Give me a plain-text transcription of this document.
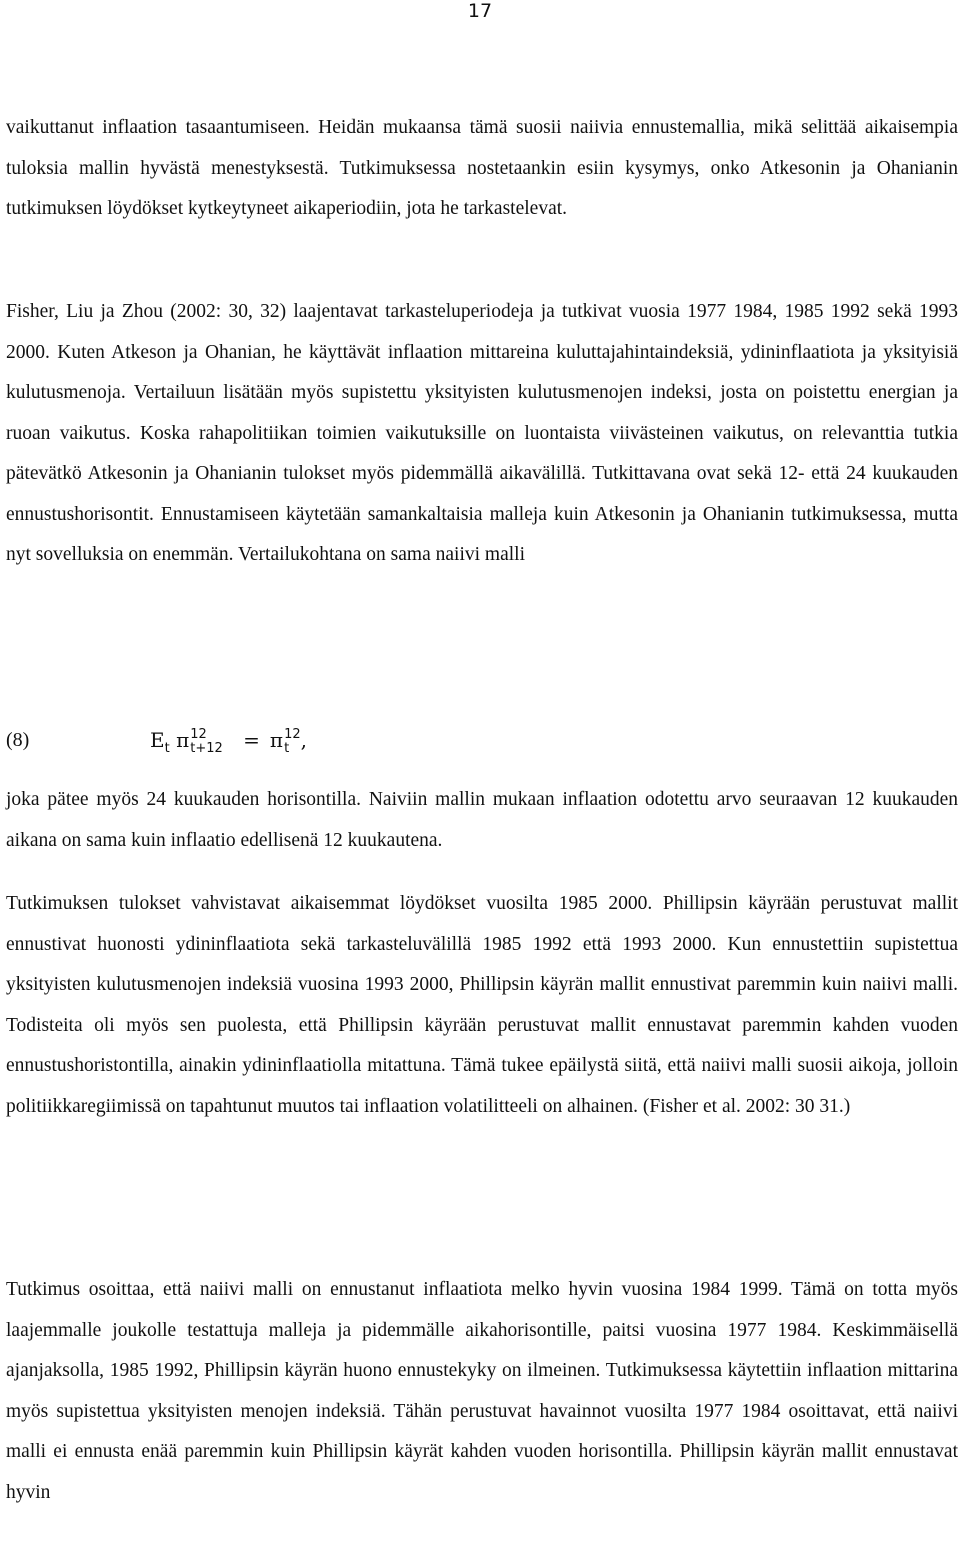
17

vaikuttanut inflaation tasaantumiseen. Heidän mukaansa tämä suosii naiivia ennustemallia, mikä selittää aikaisempia tuloksia mallin hyvästä menestyksestä. Tutkimuksessa nostetaankin esiin kysymys, onko Atkesonin ja Ohanianin tutkimuksen löydökset kytkeytyneet aikaperiodiin, jota he tarkastelevat.

Fisher, Liu ja Zhou (2002: 30, 32) laajentavat tarkasteluperiodeja ja tutkivat vuosia 1977 1984, 1985 1992 sekä 1993 2000. Kuten Atkeson ja Ohanian, he käyttävät inflaation mittareina kuluttajahintaindeksiä, ydininflaatiota ja yksityisiä kulutusmenoja. Vertailuun lisätään myös supistettu yksityisten kulutusmenojen indeksi, josta on poistettu energian ja ruoan vaikutus. Koska rahapolitiikan toimien vaikutuksille on luontaista viivästeinen vaikutus, on relevanttia tutkia pätevätkö Atkesonin ja Ohanianin tulokset myös pidemmällä aikavälillä. Tutkittavana ovat sekä 12- että 24 kuukauden ennustushorisontit. Ennustamiseen käytetään samankaltaisia malleja kuin Atkesonin ja Ohanianin tutkimuksessa, mutta nyt sovelluksia on enemmän. Vertailukohtana on sama naiivi malli

(8)	$E_t$ π 12
t+12 = π 12
t ,

joka pätee myös 24 kuukauden horisontilla. Naiviin mallin mukaan inflaation odotettu arvo seuraavan 12 kuukauden aikana on sama kuin inflaatio edellisenä 12 kuukautena.

Tutkimuksen tulokset vahvistavat aikaisemmat löydökset vuosilta 1985 2000. Phillipsin käyrään perustuvat mallit ennustivat huonosti ydininflaatiota sekä tarkasteluvälillä 1985 1992 että 1993 2000. Kun ennustettiin supistettua yksityisten kulutusmenojen indeksiä vuosina 1993 2000, Phillipsin käyrän mallit ennustivat paremmin kuin naiivi malli. Todisteita oli myös sen puolesta, että Phillipsin käyrään perustuvat mallit ennustavat paremmin kahden vuoden ennustushoristontilla, ainakin ydininflaatiolla mitattuna. Tämä tukee epäilystä siitä, että naiivi malli suosii aikoja, jolloin politiikkaregiimissä on tapahtunut muutos tai inflaation volatilitteeli on alhainen. (Fisher et al. 2002: 30 31.)

Tutkimus osoittaa, että naiivi malli on ennustanut inflaatiota melko hyvin vuosina 1984 1999. Tämä on totta myös laajemmalle joukolle testattuja malleja ja pidemmälle aikahorisontille, paitsi vuosina 1977 1984. Keskimmäisellä ajanjaksolla, 1985 1992, Phillipsin käyrän huono ennustekyky on ilmeinen. Tutkimuksessa käytettiin inflaation mittarina myös supistettua yksityisten menojen indeksiä. Tähän perustuvat havainnot vuosilta 1977 1984 osoittavat, että naiivi malli ei ennusta enää paremmin kuin Phillipsin käyrät kahden vuoden horisontilla. Phillipsin käyrän mallit ennustavat hyvin
